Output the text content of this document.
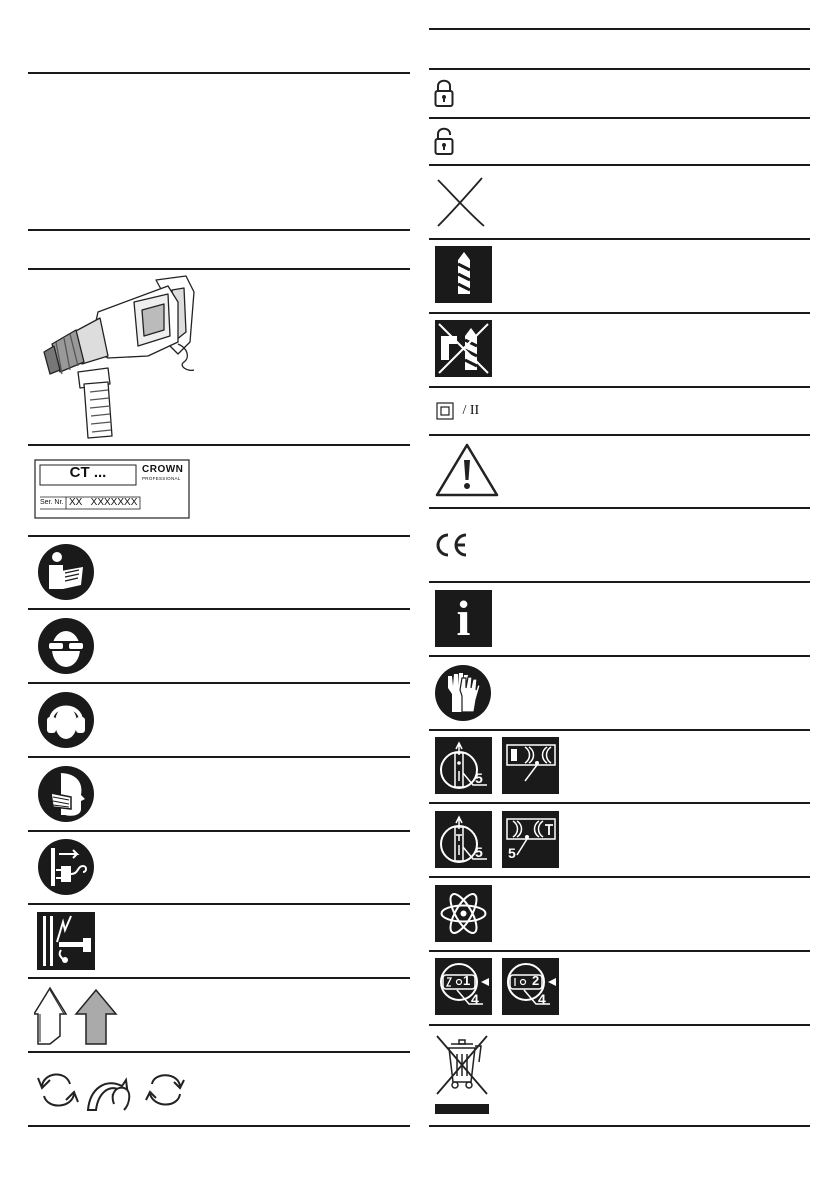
CT ...	CROWN
PROFESSIONAL
Ser. Nr. XX   XXXXXXX
/ II
i
5
5 5
1
4
2
4
